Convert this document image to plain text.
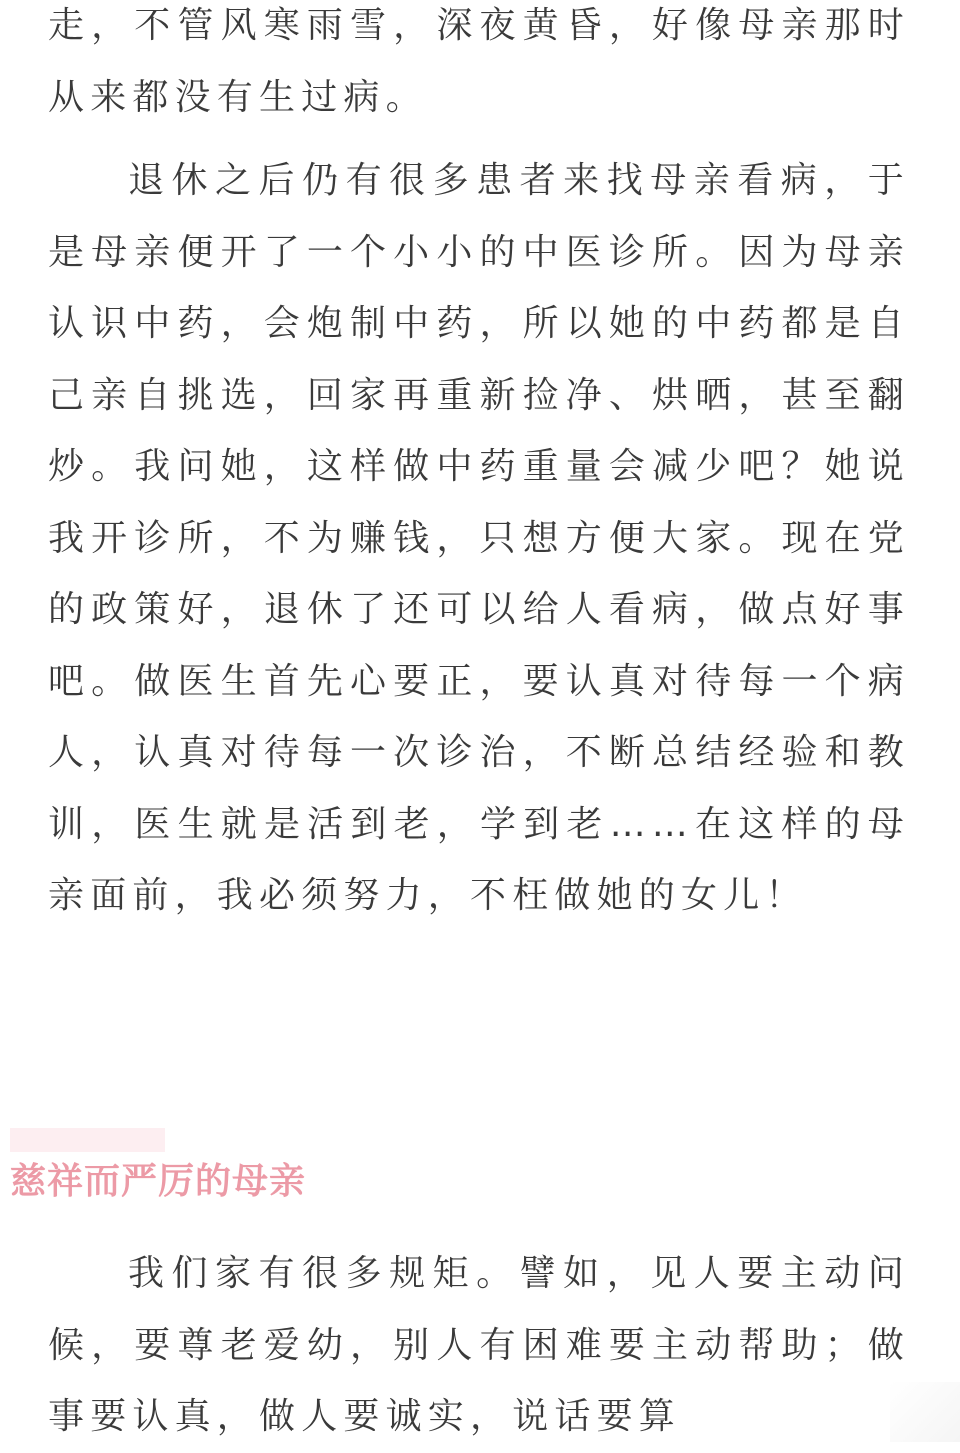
走，不管风寒雨雪，深夜黄昏，好像母亲那时从来都没有生过病。

退休之后仍有很多患者来找母亲看病，于是母亲便开了一个小小的中医诊所。因为母亲认识中药，会炮制中药，所以她的中药都是自己亲自挑选，回家再重新捡净、烘晒，甚至翻炒。我问她，这样做中药重量会减少吧？她说我开诊所，不为赚钱，只想方便大家。现在党的政策好，退休了还可以给人看病，做点好事吧。做医生首先心要正，要认真对待每一个病人，认真对待每一次诊治，不断总结经验和教训，医生就是活到老，学到老……在这样的母亲面前，我必须努力，不枉做她的女儿！

慈祥而严厉的母亲

我们家有很多规矩。譬如，见人要主动问候，要尊老爱幼，别人有困难要主动帮助；做事要认真，做人要诚实，说话要算
